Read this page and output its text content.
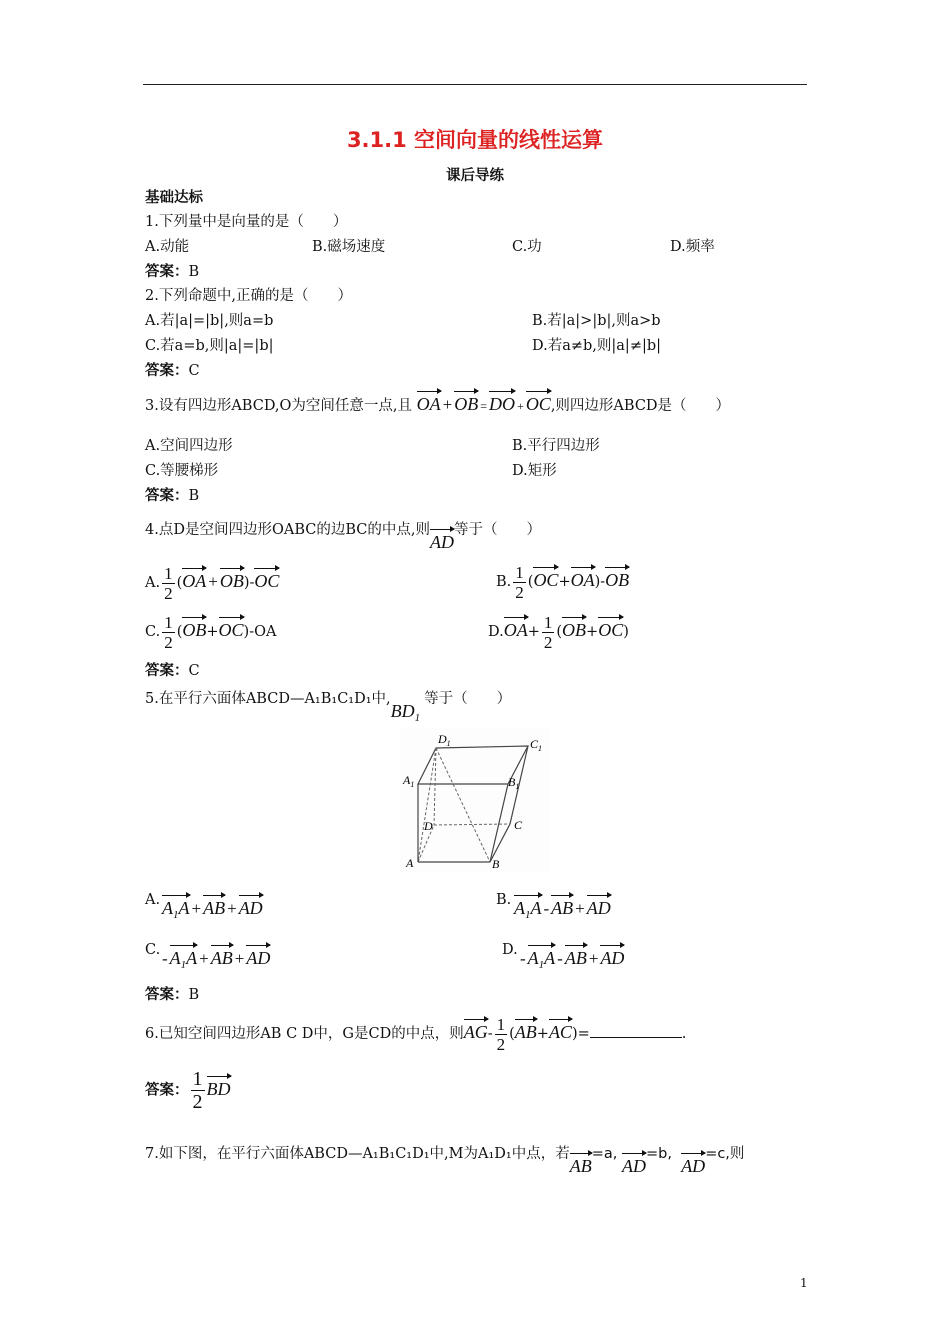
3.1.1 空间向量的线性运算
课后导练
基础达标
1.下列量中是向量的是（　　）
A.动能	B.磁场速度	C.功	D.频率
答案：B
2.下列命题中,正确的是（　　）
A.若|a|=|b|,则a=b	B.若|a|>|b|,则a>b
C.若a=b,则|a|=|b|	D.若a≠b,则|a|≠|b|
答案：C
3.设有四边形ABCD,O为空间任意一点,且 OA + OB = DO + OC,则四边形ABCD是（　　）
A.空间四边形	B.平行四边形
C.等腰梯形	D.矩形
答案：B
4.点D是空间四边形OABC的边BC的中点,则AD等于（　　）
A. $\frac{1}{2} (OA + OB)-OC$	B. $\frac{1}{2} (OC+OA)-OB$
C. $\frac{1}{2} (OB+OC)-OA$	$D.OA+ \frac{1}{2} (OB+OC)$
答案：C
5.在平行六面体ABCD—A₁B₁C₁D₁中$,BD_1$等于（　　）
$D_1$	$C_1$
$A_1$	$B_1$
D	C
A	B
A. $A_1A$ + AB + AD	B. $A_1A$ - AB + AD
C. - $A_1A$ + AB + AD	D. - $A_1A$ - AB + AD
答案：B
6.已知空间四边形AB C D中，G是CD的中点，则$AG- \frac{1}{2} (AB+AC)=$	.
答案： $\frac{1}{2}$ BD
7.如下图，在平行六面体ABCD—A₁B₁C₁D₁中,M为A₁D₁中点，若AB=a, AD=b,  AD=c,则
1
